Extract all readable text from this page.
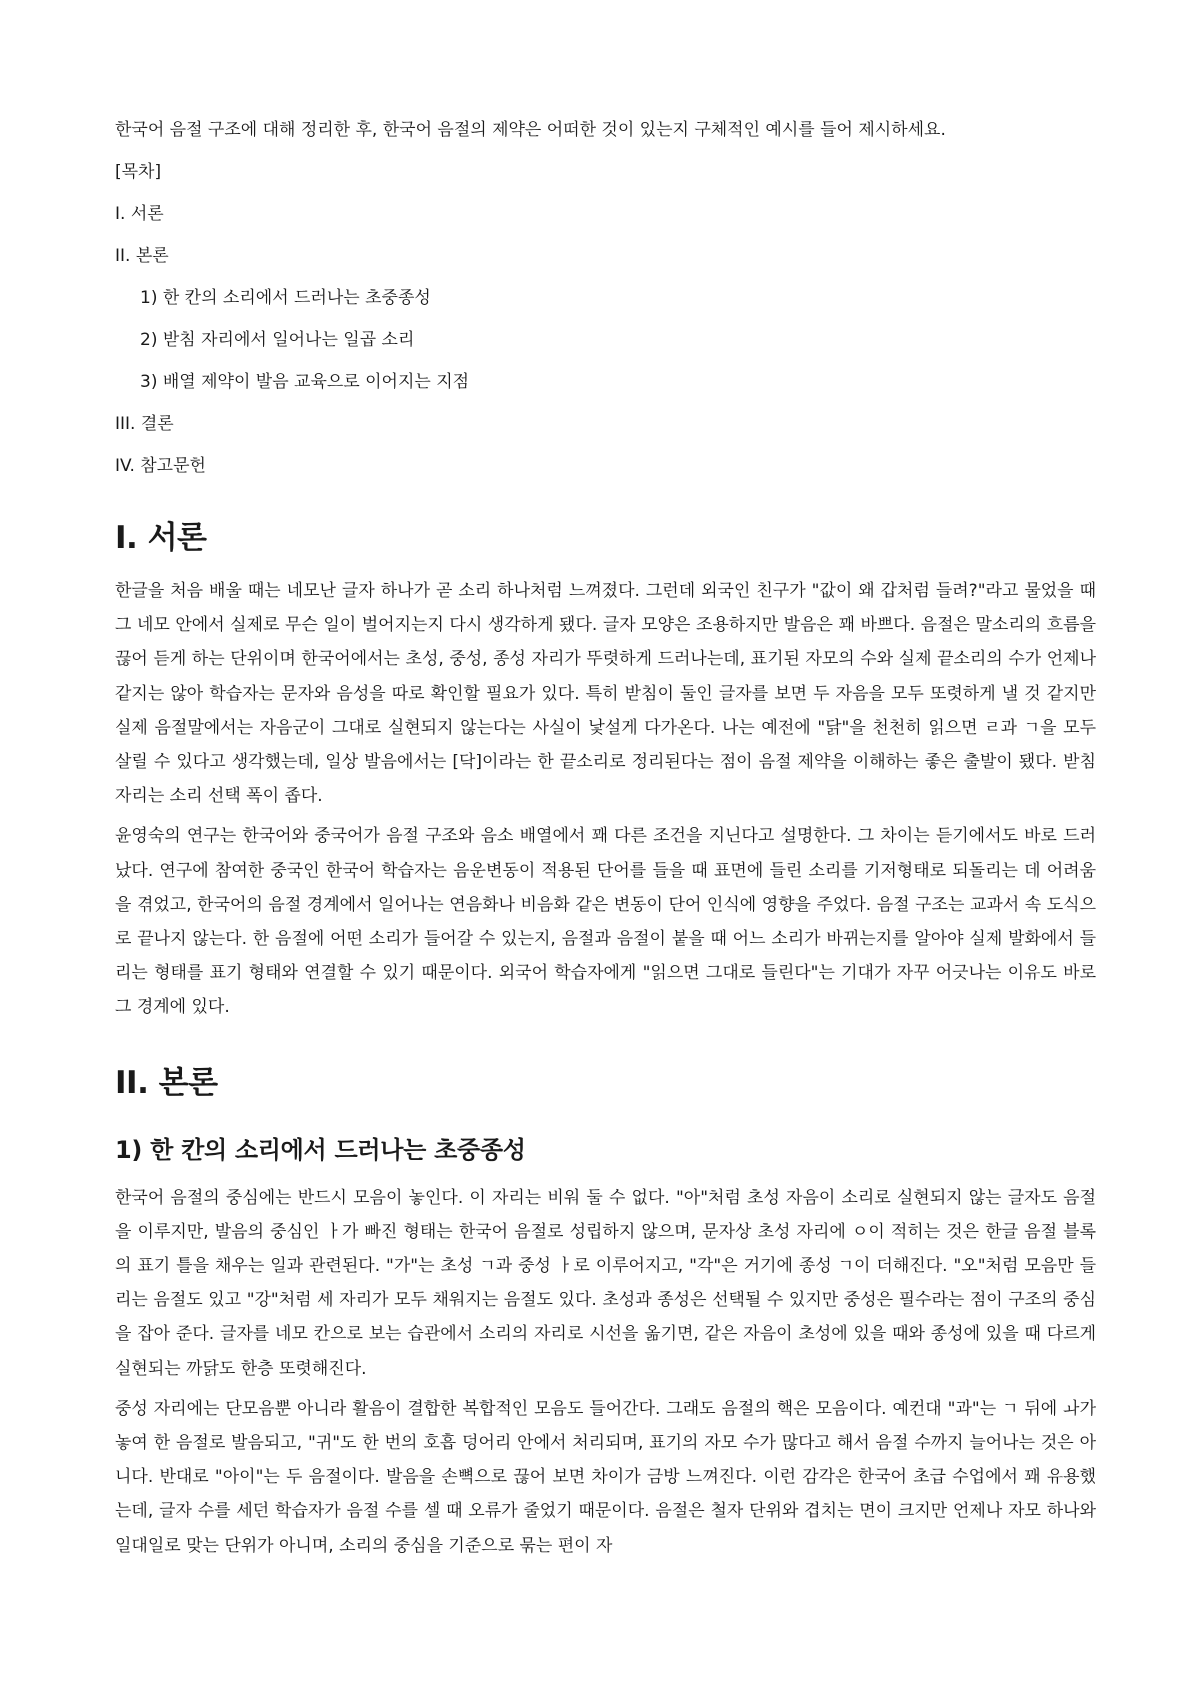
한국어 음절 구조에 대해 정리한 후, 한국어 음절의 제약은 어떠한 것이 있는지 구체적인 예시를 들어 제시하세요.

[목차]
I. 서론
II. 본론
1) 한 칸의 소리에서 드러나는 초중종성
2) 받침 자리에서 일어나는 일곱 소리
3) 배열 제약이 발음 교육으로 이어지는 지점
III. 결론
IV. 참고문헌
I. 서론

한글을 처음 배울 때는 네모난 글자 하나가 곧 소리 하나처럼 느껴졌다. 그런데 외국인 친구가 "값이 왜 갑처럼 들려?"라고 물었을 때 그 네모 안에서 실제로 무슨 일이 벌어지는지 다시 생각하게 됐다. 글자 모양은 조용하지만 발음은 꽤 바쁘다. 음절은 말소리의 흐름을 끊어 듣게 하는 단위이며 한국어에서는 초성, 중성, 종성 자리가 뚜렷하게 드러나는데, 표기된 자모의 수와 실제 끝소리의 수가 언제나 같지는 않아 학습자는 문자와 음성을 따로 확인할 필요가 있다. 특히 받침이 둘인 글자를 보면 두 자음을 모두 또렷하게 낼 것 같지만 실제 음절말에서는 자음군이 그대로 실현되지 않는다는 사실이 낯설게 다가온다. 나는 예전에 "닭"을 천천히 읽으면 ㄹ과 ㄱ을 모두 살릴 수 있다고 생각했는데, 일상 발음에서는 [닥]이라는 한 끝소리로 정리된다는 점이 음절 제약을 이해하는 좋은 출발이 됐다. 받침 자리는 소리 선택 폭이 좁다.

윤영숙의 연구는 한국어와 중국어가 음절 구조와 음소 배열에서 꽤 다른 조건을 지닌다고 설명한다. 그 차이는 듣기에서도 바로 드러났다. 연구에 참여한 중국인 한국어 학습자는 음운변동이 적용된 단어를 들을 때 표면에 들린 소리를 기저형태로 되돌리는 데 어려움을 겪었고, 한국어의 음절 경계에서 일어나는 연음화나 비음화 같은 변동이 단어 인식에 영향을 주었다. 음절 구조는 교과서 속 도식으로 끝나지 않는다. 한 음절에 어떤 소리가 들어갈 수 있는지, 음절과 음절이 붙을 때 어느 소리가 바뀌는지를 알아야 실제 발화에서 들리는 형태를 표기 형태와 연결할 수 있기 때문이다. 외국어 학습자에게 "읽으면 그대로 들린다"는 기대가 자꾸 어긋나는 이유도 바로 그 경계에 있다.

II. 본론
1) 한 칸의 소리에서 드러나는 초중종성

한국어 음절의 중심에는 반드시 모음이 놓인다. 이 자리는 비워 둘 수 없다. "아"처럼 초성 자음이 소리로 실현되지 않는 글자도 음절을 이루지만, 발음의 중심인 ㅏ가 빠진 형태는 한국어 음절로 성립하지 않으며, 문자상 초성 자리에 ㅇ이 적히는 것은 한글 음절 블록의 표기 틀을 채우는 일과 관련된다. "가"는 초성 ㄱ과 중성 ㅏ로 이루어지고, "각"은 거기에 종성 ㄱ이 더해진다. "오"처럼 모음만 들리는 음절도 있고 "강"처럼 세 자리가 모두 채워지는 음절도 있다. 초성과 종성은 선택될 수 있지만 중성은 필수라는 점이 구조의 중심을 잡아 준다. 글자를 네모 칸으로 보는 습관에서 소리의 자리로 시선을 옮기면, 같은 자음이 초성에 있을 때와 종성에 있을 때 다르게 실현되는 까닭도 한층 또렷해진다.

중성 자리에는 단모음뿐 아니라 활음이 결합한 복합적인 모음도 들어간다. 그래도 음절의 핵은 모음이다. 예컨대 "과"는 ㄱ 뒤에 ㅘ가 놓여 한 음절로 발음되고, "귀"도 한 번의 호흡 덩어리 안에서 처리되며, 표기의 자모 수가 많다고 해서 음절 수까지 늘어나는 것은 아니다. 반대로 "아이"는 두 음절이다. 발음을 손뼉으로 끊어 보면 차이가 금방 느껴진다. 이런 감각은 한국어 초급 수업에서 꽤 유용했는데, 글자 수를 세던 학습자가 음절 수를 셀 때 오류가 줄었기 때문이다. 음절은 철자 단위와 겹치는 면이 크지만 언제나 자모 하나와 일대일로 맞는 단위가 아니며, 소리의 중심을 기준으로 묶는 편이 자
